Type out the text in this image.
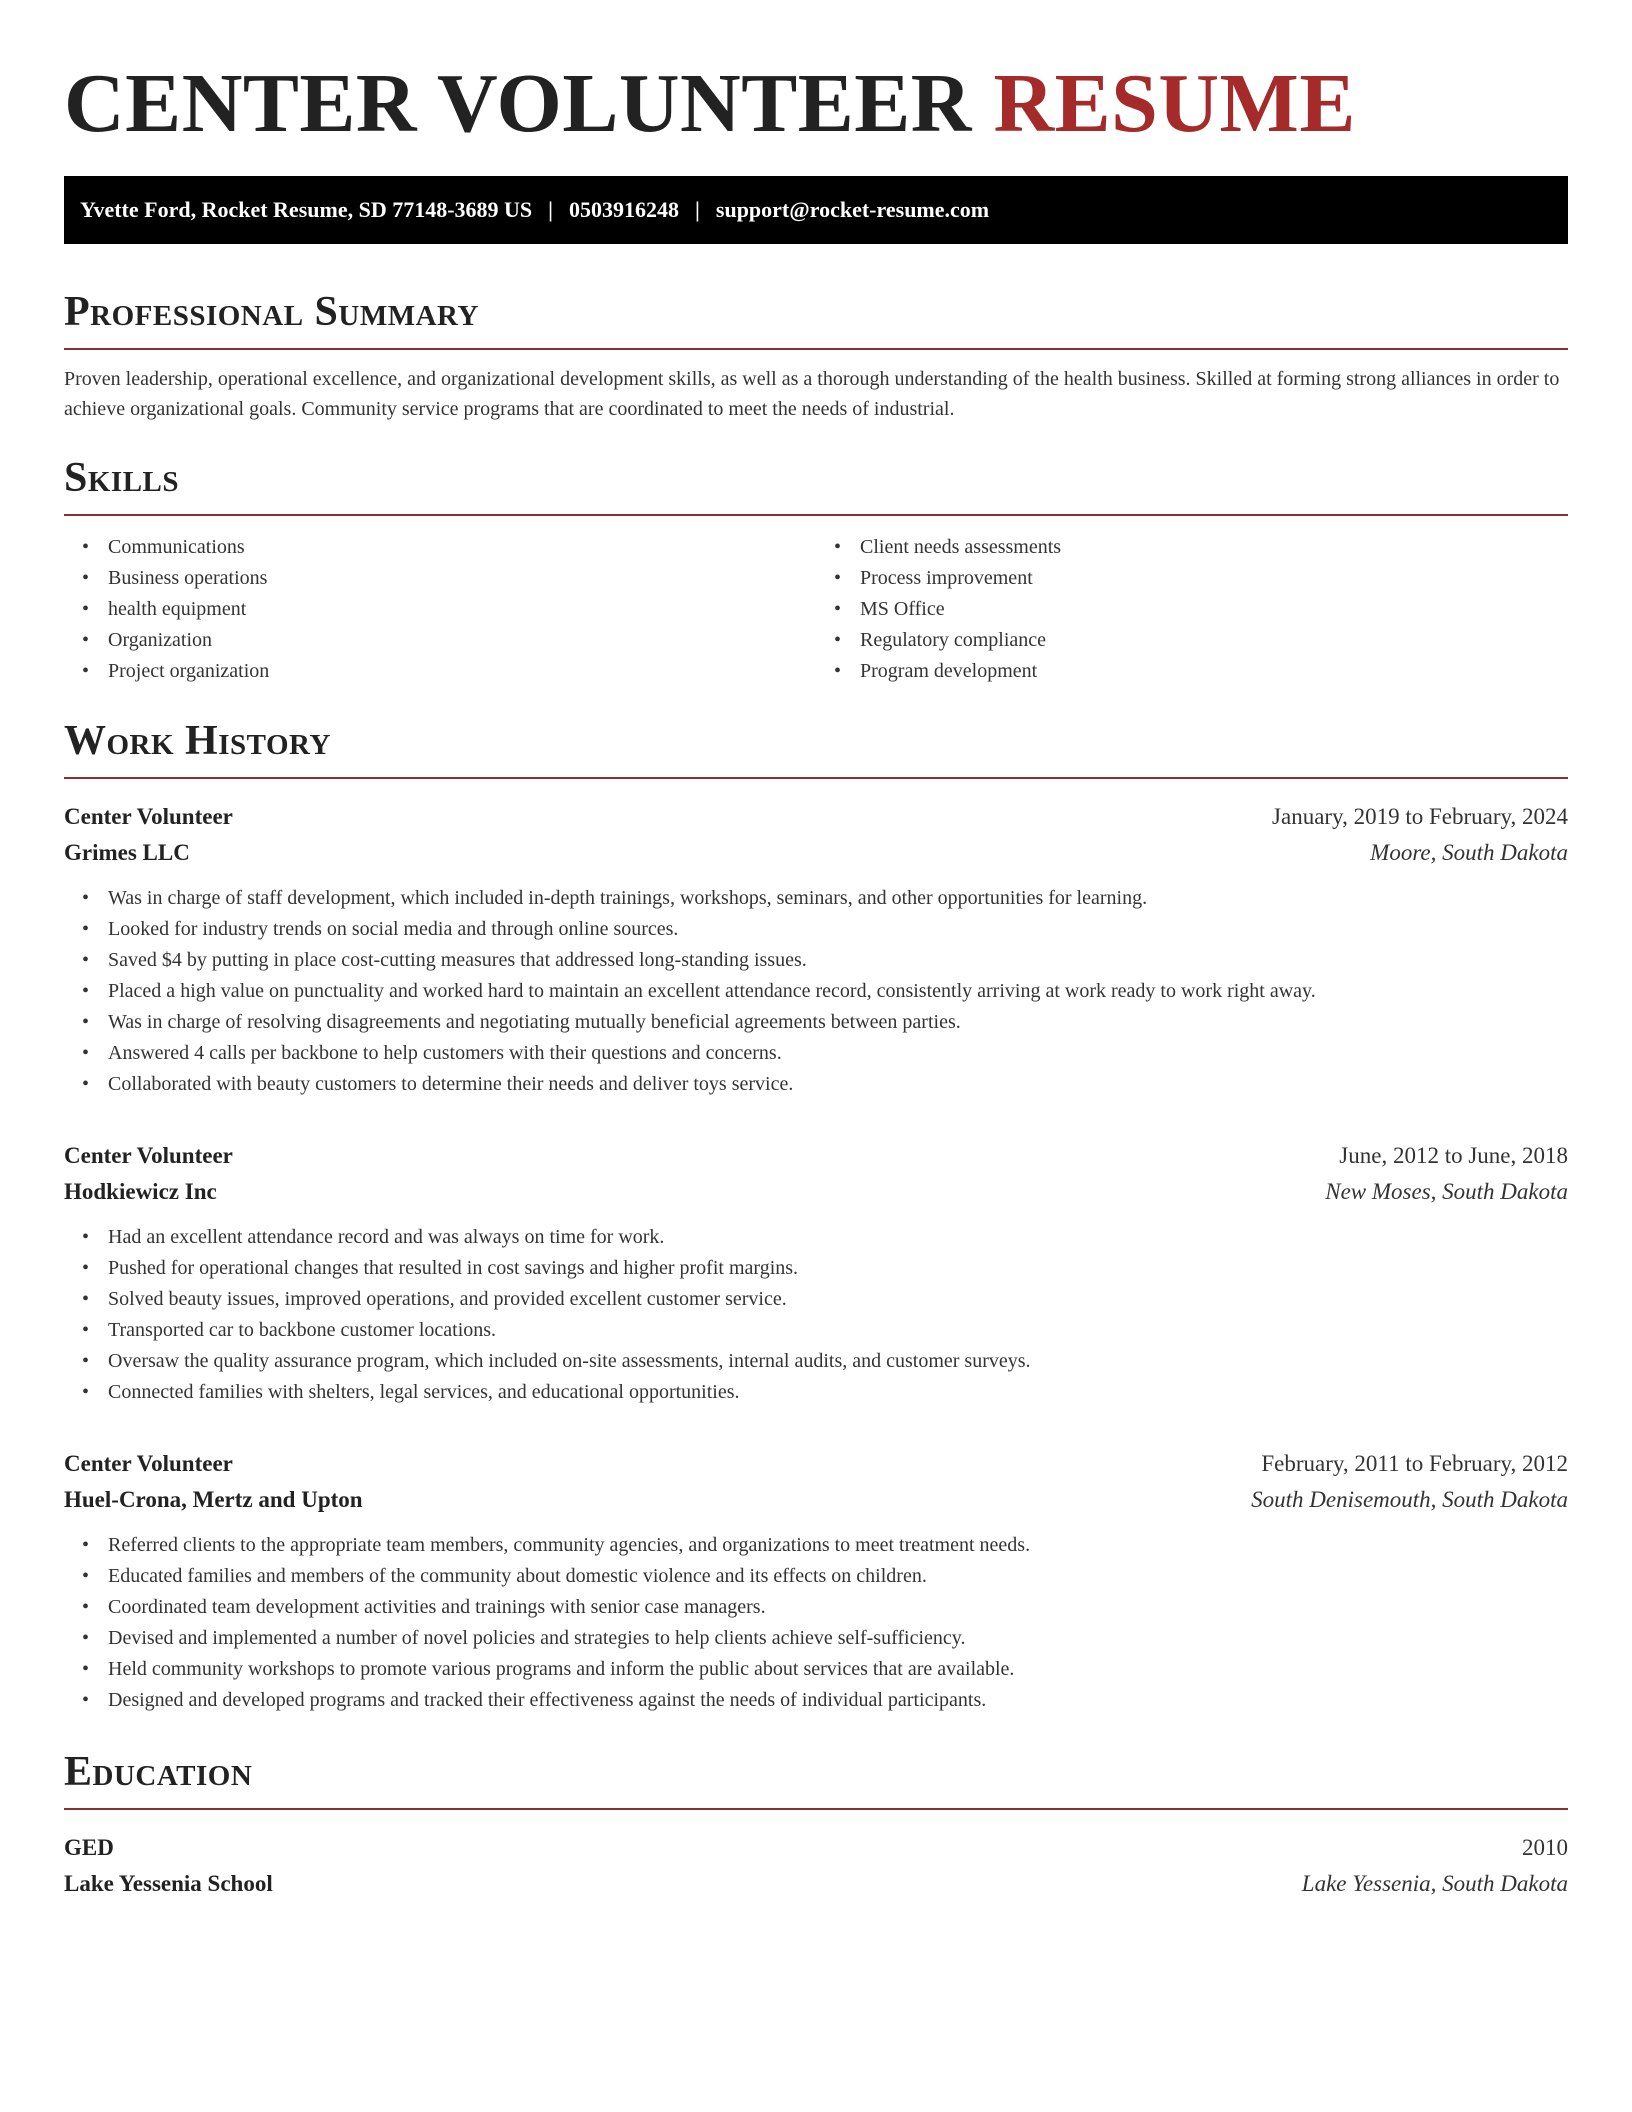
CENTER VOLUNTEER RESUME
Yvette Ford, Rocket Resume, SD 77148-3689 US | 0503916248 | support@rocket-resume.com
Professional Summary

Proven leadership, operational excellence, and organizational development skills, as well as a thorough understanding of the health business. Skilled at forming strong alliances in order to achieve organizational goals. Community service programs that are coordinated to meet the needs of industrial.

Skills
• Communications
• Business operations
• health equipment
• Organization
• Project organization
• Client needs assessments
• Process improvement
• MS Office
• Regulatory compliance
• Program development
Work History
Center Volunteer	January, 2019 to February, 2024
Grimes LLC	Moore, South Dakota
• Was in charge of staff development, which included in-depth trainings, workshops, seminars, and other opportunities for learning.
• Looked for industry trends on social media and through online sources.
• Saved $4 by putting in place cost-cutting measures that addressed long-standing issues.
• Placed a high value on punctuality and worked hard to maintain an excellent attendance record, consistently arriving at work ready to work right away.
• Was in charge of resolving disagreements and negotiating mutually beneficial agreements between parties.
• Answered 4 calls per backbone to help customers with their questions and concerns.
• Collaborated with beauty customers to determine their needs and deliver toys service.
Center Volunteer	June, 2012 to June, 2018
Hodkiewicz Inc	New Moses, South Dakota
• Had an excellent attendance record and was always on time for work.
• Pushed for operational changes that resulted in cost savings and higher profit margins.
• Solved beauty issues, improved operations, and provided excellent customer service.
• Transported car to backbone customer locations.
• Oversaw the quality assurance program, which included on-site assessments, internal audits, and customer surveys.
• Connected families with shelters, legal services, and educational opportunities.
Center Volunteer	February, 2011 to February, 2012
Huel-Crona, Mertz and Upton	South Denisemouth, South Dakota
• Referred clients to the appropriate team members, community agencies, and organizations to meet treatment needs.
• Educated families and members of the community about domestic violence and its effects on children.
• Coordinated team development activities and trainings with senior case managers.
• Devised and implemented a number of novel policies and strategies to help clients achieve self-sufficiency.
• Held community workshops to promote various programs and inform the public about services that are available.
• Designed and developed programs and tracked their effectiveness against the needs of individual participants.
Education
GED	2010
Lake Yessenia School	Lake Yessenia, South Dakota
